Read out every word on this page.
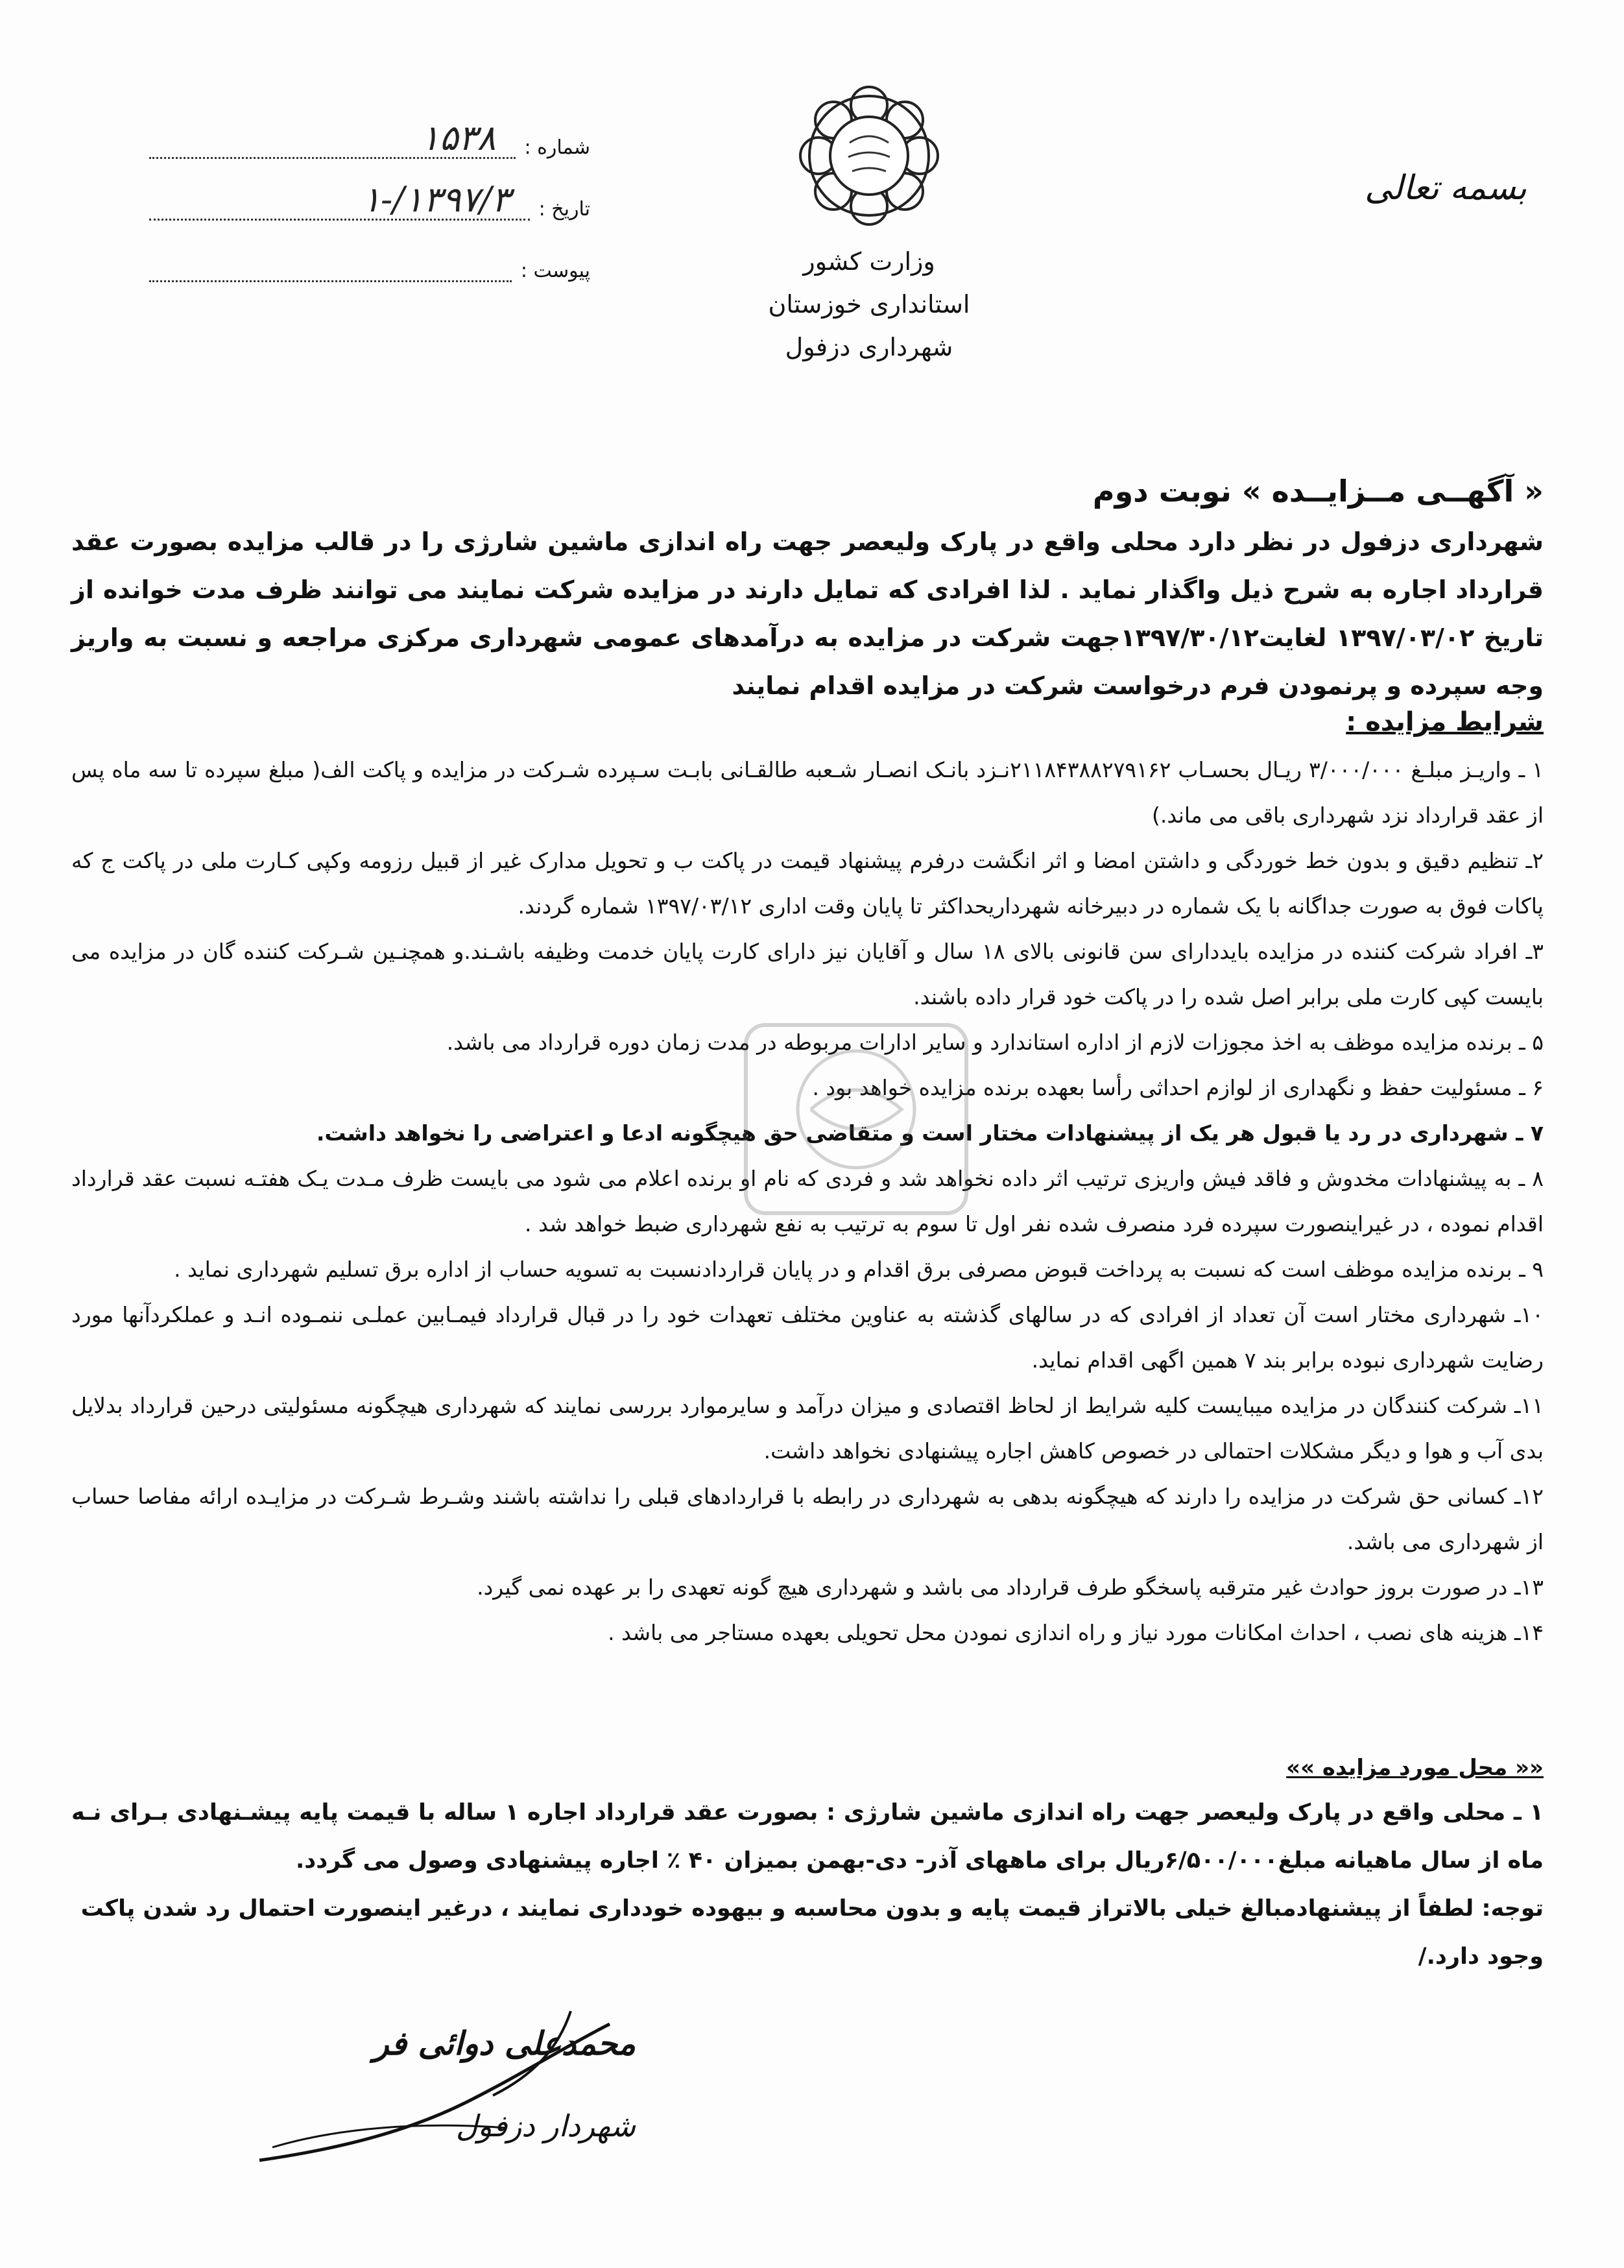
شماره :
۱۵۳۸
تاریخ :
۱۳۹۷/۳/-۱
پیوست :	وزارت کشور
استانداری خوزستان
شهرداری دزفول
بسمه تعالی
« آگهــی مــزایــده » نوبت دوم
شهرداری دزفول در نظر دارد محلی واقع در پارک ولیعصر جهت راه اندازی ماشین شارژی را در قالب مزایده بصورت عقد قرارداد اجاره به شرح ذیل واگذار نماید . لذا افرادی که تمایل دارند در مزایده شرکت نمایند می توانند ظرف مدت خوانده از تاریخ ۱۳۹۷/۰۳/۰۲ لغایت۱۳۹۷/۳۰/۱۲جهت شرکت در مزایده به درآمدهای عمومی شهرداری مرکزی مراجعه و نسبت به واریز وجه سپرده و پرنمودن فرم درخواست شرکت در مزایده اقدام نمایند
شرایط مزایده :
۱ ـ واریـز مبلـغ ۳/۰۰۰/۰۰۰ ریـال بحسـاب ۲۱۱۸۴۳۸۸۲۷۹۱۶۲نـزد بانـک انصـار شـعبه طالقـانی بابـت سـپرده شـرکت در مزایده و پاکت الف( مبلغ سپرده تا سه ماه پس از عقد قرارداد نزد شهرداری باقی می ماند.)
۲ـ تنظیم دقیق و بدون خط خوردگی و داشتن امضا و اثر انگشت درفرم پیشنهاد قیمت در پاکت ب و تحویل مدارک غیر از قبیل رزومه وکپی کـارت ملی در پاکت ج که پاکات فوق به صورت جداگانه با یک شماره در دبیرخانه شهرداریحداکثر تا پایان وقت اداری ۱۳۹۷/۰۳/۱۲ شماره گردند.
۳ـ افراد شرکت کننده در مزایده بایددارای سن قانونی بالای ۱۸ سال و آقایان نیز دارای کارت پایان خدمت وظیفه باشـند.و همچنـین شـرکت کننده گان در مزایده می بایست کپی کارت ملی برابر اصل شده را در پاکت خود قرار داده باشند.
۵ ـ برنده مزایده موظف به اخذ مجوزات لازم از اداره استاندارد و سایر ادارات مربوطه در مدت زمان دوره قرارداد می باشد.
۶ ـ مسئولیت حفظ و نگهداری از لوازم احداثی رأسا بعهده برنده مزایده خواهد بود .
۷ ـ شهرداری در رد یا قبول هر یک از پیشنهادات مختار است و متقاضی حق هیچگونه ادعا و اعتراضی را نخواهد داشت.
۸ ـ به پیشنهادات مخدوش و فاقد فیش واریزی ترتیب اثر داده نخواهد شد و فردی که نام او برنده اعلام می شود می بایست ظرف مـدت یـک هفتـه نسبت عقد قرارداد اقدام نموده ، در غیراینصورت سپرده فرد منصرف شده نفر اول تا سوم به ترتیب به نفع شهرداری ضبط خواهد شد .
۹ ـ برنده مزایده موظف است که نسبت به پرداخت قبوض مصرفی برق اقدام و در پایان قراردادنسبت به تسویه حساب از اداره برق تسلیم شهرداری نماید .
۱۰ـ شهرداری مختار است آن تعداد از افرادی که در سالهای گذشته به عناوین مختلف تعهدات خود را در قبال قرارداد فیمـابین عملـی ننمـوده انـد و عملکردآنها مورد رضایت شهرداری نبوده برابر بند ۷ همین اگهی اقدام نماید.
۱۱ـ شرکت کنندگان در مزایده میبایست کلیه شرایط از لحاظ اقتصادی و میزان درآمد و سایرموارد بررسی نمایند که شهرداری هیچگونه مسئولیتی درحین قرارداد بدلایل بدی آب و هوا و دیگر مشکلات احتمالی در خصوص کاهش اجاره پیشنهادی نخواهد داشت.
۱۲ـ کسانی حق شرکت در مزایده را دارند که هیچگونه بدهی به شهرداری در رابطه با قراردادهای قبلی را نداشته باشند وشـرط شـرکت در مزایـده ارائه مفاصا حساب از شهرداری می باشد.
۱۳ـ در صورت بروز حوادث غیر مترقبه پاسخگو طرف قرارداد می باشد و شهرداری هیچ گونه تعهدی را بر عهده نمی گیرد.
۱۴ـ هزینه های نصب ، احداث امکانات مورد نیاز و راه اندازی نمودن محل تحویلی بعهده مستاجر می باشد .
«« محل مورد مزایده »»
۱ ـ محلی واقع در پارک ولیعصر جهت راه اندازی ماشین شارژی : بصورت عقد قرارداد اجاره ۱ ساله با قیمت پایه پیشـنهادی بـرای نـه ماه از سال ماهیانه مبلغ۶/۵۰۰/۰۰۰ریال برای ماههای آذر- دی-بهمن بمیزان ۴۰ ٪ اجاره پیشنهادی وصول می گردد.
توجه: لطفاً از پیشنهادمبالغ خیلی بالاتراز قیمت پایه و بدون محاسبه و بیهوده خودداری نمایند ، درغیر اینصورت احتمال رد شدن پاکت وجود دارد./
محمدعلی دوائی فر
شهردار دزفول
